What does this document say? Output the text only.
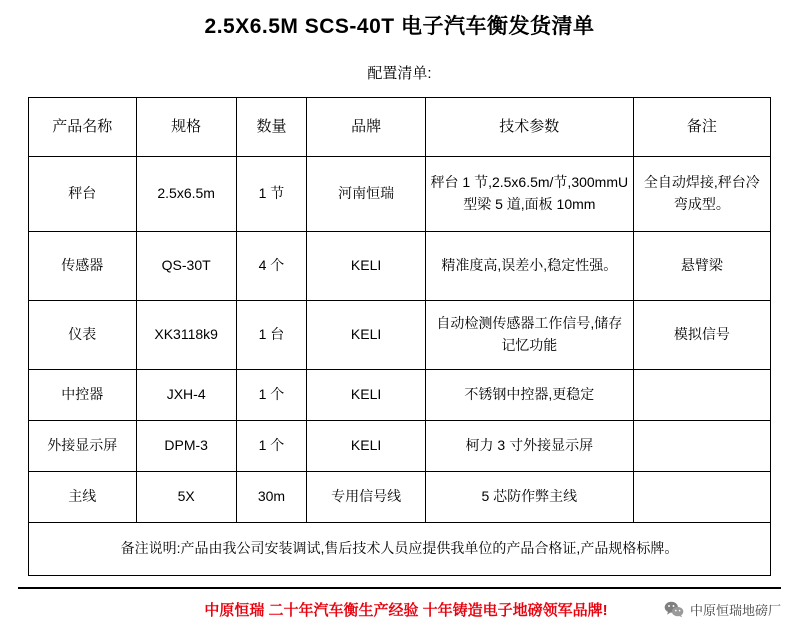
2.5X6.5M SCS-40T 电子汽车衡发货清单
配置清单:
产品名称	规格	数量	品牌	技术参数	备注
秤台	2.5x6.5m	1 节	河南恒瑞	秤台 1 节,2.5x6.5m/节,300mmU 型梁 5 道,面板 10mm	全自动焊接,秤台冷弯成型。
传感器	QS-30T	4 个	KELI	精准度高,误差小,稳定性强。	悬臂梁
仪表	XK3118k9	1 台	KELI	自动检测传感器工作信号,储存记忆功能	模拟信号
中控器	JXH-4	1 个	KELI	不锈钢中控器,更稳定	
外接显示屏	DPM-3	1 个	KELI	柯力 3 寸外接显示屏	
主线	5X	30m	专用信号线	5 芯防作弊主线	
备注说明:产品由我公司安装调试,售后技术人员应提供我单位的产品合格证,产品规格标牌。					
中原恒瑞 二十年汽车衡生产经验 十年铸造电子地磅领军品牌!	中原恒瑞地磅厂
